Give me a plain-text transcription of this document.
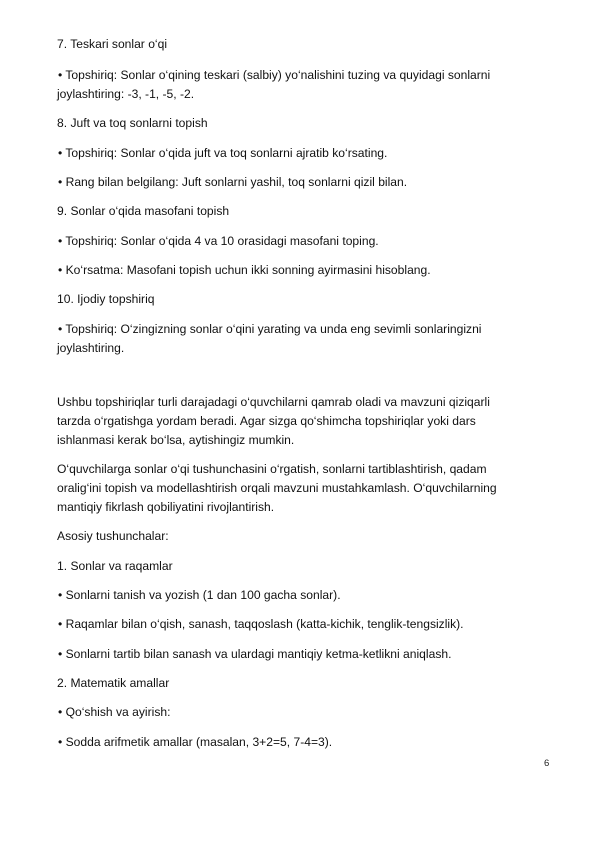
7. Teskari sonlar o‘qi
• Topshiriq: Sonlar o‘qining teskari (salbiy) yo‘nalishini tuzing va quyidagi sonlarni
joylashtiring: -3, -1, -5, -2.
8. Juft va toq sonlarni topish
• Topshiriq: Sonlar o‘qida juft va toq sonlarni ajratib ko‘rsating.
• Rang bilan belgilang: Juft sonlarni yashil, toq sonlarni qizil bilan.
9. Sonlar o‘qida masofani topish
• Topshiriq: Sonlar o‘qida 4 va 10 orasidagi masofani toping.
• Ko‘rsatma: Masofani topish uchun ikki sonning ayirmasini hisoblang.
10. Ijodiy topshiriq
• Topshiriq: O‘zingizning sonlar o‘qini yarating va unda eng sevimli sonlaringizni
joylashtiring.
Ushbu topshiriqlar turli darajadagi o‘quvchilarni qamrab oladi va mavzuni qiziqarli
tarzda o‘rgatishga yordam beradi. Agar sizga qo‘shimcha topshiriqlar yoki dars
ishlanmasi kerak bo‘lsa, aytishingiz mumkin.
O‘quvchilarga sonlar o‘qi tushunchasini o‘rgatish, sonlarni tartiblashtirish, qadam
oralig‘ini topish va modellashtirish orqali mavzuni mustahkamlash. O‘quvchilarning
mantiqiy fikrlash qobiliyatini rivojlantirish.
Asosiy tushunchalar:
1. Sonlar va raqamlar
• Sonlarni tanish va yozish (1 dan 100 gacha sonlar).
• Raqamlar bilan o‘qish, sanash, taqqoslash (katta-kichik, tenglik-tengsizlik).
• Sonlarni tartib bilan sanash va ulardagi mantiqiy ketma-ketlikni aniqlash.
2. Matematik amallar
• Qo‘shish va ayirish:
• Sodda arifmetik amallar (masalan, 3+2=5, 7-4=3).
6
